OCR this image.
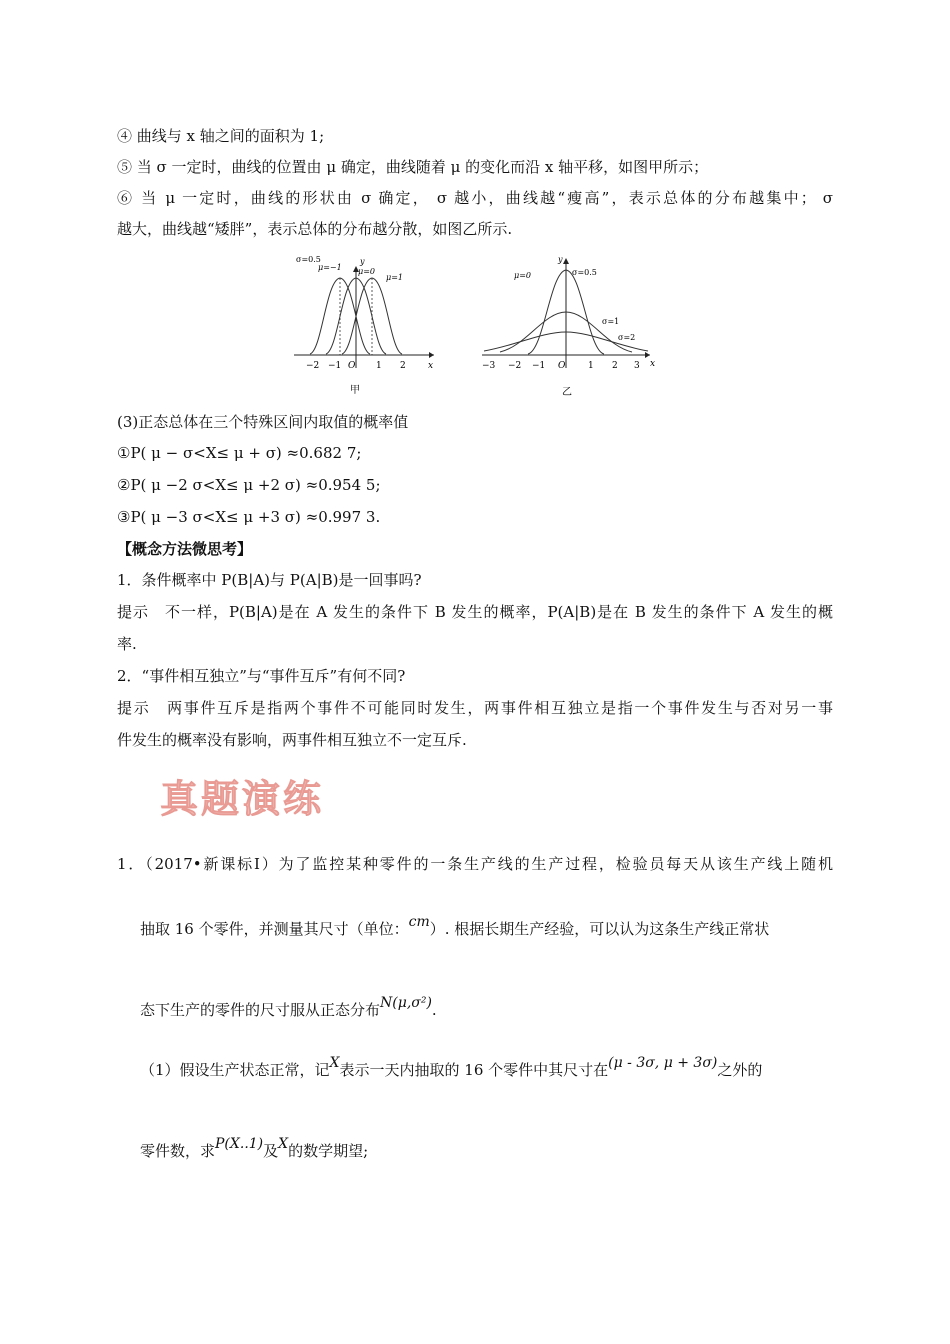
④ 曲线与 x 轴之间的面积为 1;
⑤ 当 σ 一定时，曲线的位置由 μ 确定，曲线随着 μ 的变化而沿 x 轴平移，如图甲所示；
⑥ 当 μ 一定时，曲线的形状由 σ 确定， σ 越小，曲线越“瘦高”，表示总体的分布越集中； σ
越大，曲线越“矮胖”，表示总体的分布越分散，如图乙所示.
σ=0.5
μ=−1
y
μ=0
μ=1
x
O
−2 −1	1 2
甲
μ=0
y
σ=0.5
σ=1
σ=2
x
O
−3 −2 −1	1 2 3
乙
(3)正态总体在三个特殊区间内取值的概率值
①P( μ − σ<X≤ μ + σ) ≈0.682 7;
②P( μ −2 σ<X≤ μ +2 σ) ≈0.954 5;
③P( μ −3 σ<X≤ μ +3 σ) ≈0.997 3.
【概念方法微思考】
1．条件概率中 P(B|A)与 P(A|B)是一回事吗?
提示　不一样，P(B|A)是在 A 发生的条件下 B 发生的概率，P(A|B)是在 B 发生的条件下 A 发生的概
率.
2．“事件相互独立”与“事件互斥”有何不同?
提示　两事件互斥是指两个事件不可能同时发生，两事件相互独立是指一个事件发生与否对另一事
件发生的概率没有影响，两事件相互独立不一定互斥.
真题演练
1．（2017•新课标Ⅰ）为了监控某种零件的一条生产线的生产过程，检验员每天从该生产线上随机
抽取 16 个零件，并测量其尺寸（单位：cm）. 根据长期生产经验，可以认为这条生产线正常状
态下生产的零件的尺寸服从正态分布N(μ,σ²).
（1）假设生产状态正常，记X表示一天内抽取的 16 个零件中其尺寸在(μ - 3σ, μ + 3σ)之外的
零件数，求P(X..1)及X的数学期望;
